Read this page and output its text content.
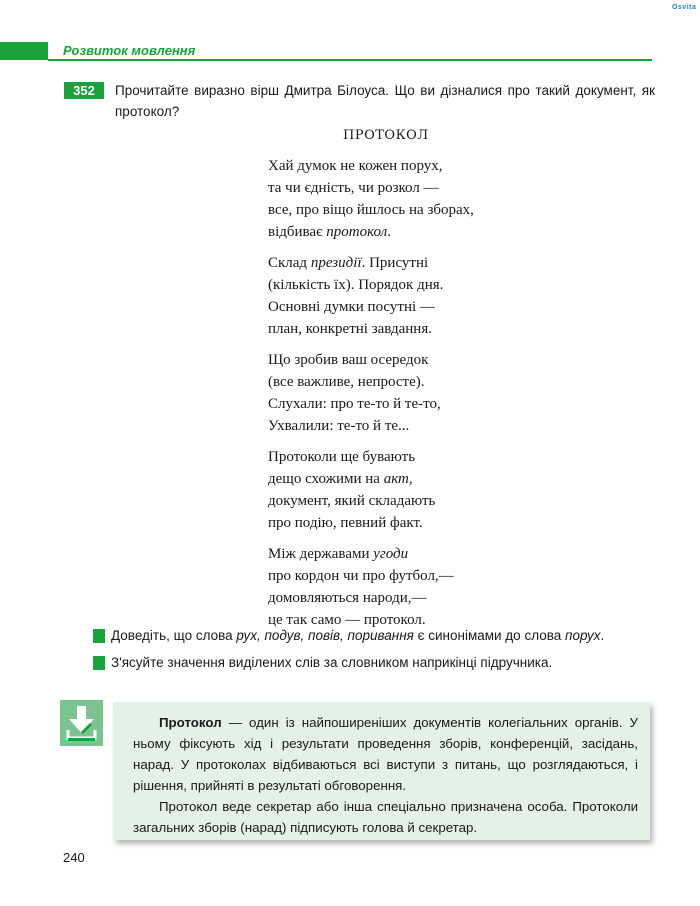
Osvita
Розвиток мовлення
352	Прочитайте виразно вірш Дмитра Білоуса. Що ви дізналися про такий документ, як протокол?
ПРОТОКОЛ
Хай думок не кожен порух,
та чи єдність, чи розкол —
все, про віщо йшлось на зборах,
відбиває протокол.
Склад президії. Присутні
(кількість їх). Порядок дня.
Основні думки посутні —
план, конкретні завдання.
Що зробив ваш осередок
(все важливе, непросте).
Слухали: про те-то й те-то,
Ухвалили: те-то й те...
Протоколи ще бувають
дещо схожими на акт,
документ, який складають
про подію, певний факт.
Між державами угоди
про кордон чи про футбол,—
домовляються народи,—
це так само — протокол.
Доведіть, що слова рух, подув, повів, поривання є синонімами до слова порух.
З'ясуйте значення виділених слів за словником наприкінці підручника.

Протокол — один із найпоширеніших документів колегіальних органів. У ньому фіксують хід і результати проведення зборів, конференцій, засідань, нарад. У протоколах відбиваються всі виступи з питань, що розглядаються, і рішення, прийняті в результаті обговорення.

Протокол веде секретар або інша спеціально призначена особа. Протоколи загальних зборів (нарад) підписують голова й секретар.

240
